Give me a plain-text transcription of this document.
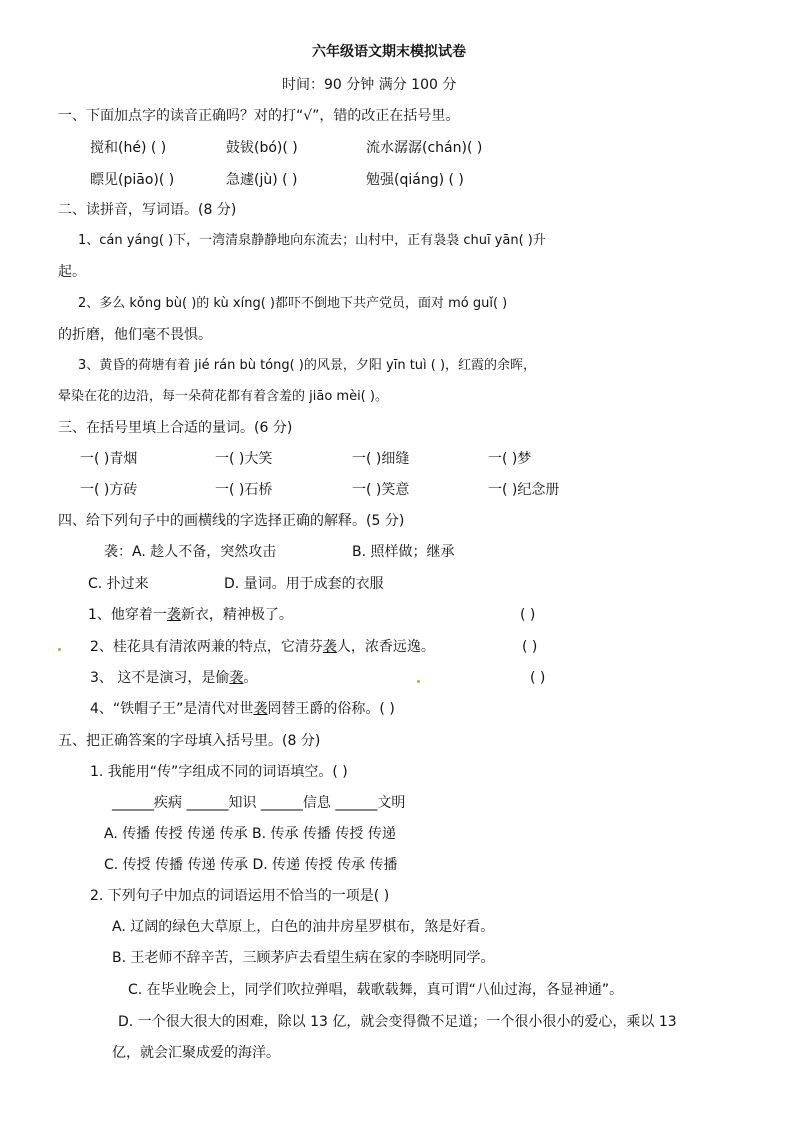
六年级语文期末模拟试卷
时间：90 分钟 满分 100 分
一、下面加点字的读音正确吗？对的打“√”，错的改正在括号里。
搅和(hé) ( )	鼓钹(bó)( )	流水潺潺(chán)( )
瞟见(piāo)( )	急遽(jù) ( )	勉强(qiáng) ( )
二、读拼音，写词语。(8 分)
1、cán yáng( )下，一湾清泉静静地向东流去；山村中，正有袅袅 chuī yān( )升
起。
2、多么 kǒng bù( )的 kù xíng( )都吓不倒地下共产党员，面对 mó guǐ( )
的折磨，他们毫不畏惧。
3、黄昏的荷塘有着 jié rán bù tóng( )的风景，夕阳 yīn tuì ( )，红霞的余晖，
晕染在花的边沿，每一朵荷花都有着含羞的 jiāo mèi( )。
三、在括号里填上合适的量词。(6 分)
一( )青烟	一( )大笑	一( )细缝	一( )梦
一( )方砖	一( )石桥	一( )笑意	一( )纪念册
四、给下列句子中的画横线的字选择正确的解释。(5 分)
袭：A. 趁人不备，突然攻击	B. 照样做；继承
C. 扑过来	D. 量词。用于成套的衣服
1、他穿着一袭新衣，精神极了。	( )
2、桂花具有清浓两兼的特点，它清芬袭人，浓香远逸。	( )
3、 这不是演习，是偷袭。	( )
4、“铁帽子王”是清代对世袭罔替王爵的俗称。( )
五、把正确答案的字母填入括号里。(8 分)
1. 我能用“传”字组成不同的词语填空。( )
______疾病 ______知识 ______信息 ______文明
A. 传播 传授 传递 传承 B. 传承 传播 传授 传递
C. 传授 传播 传递 传承 D. 传递 传授 传承 传播
2. 下列句子中加点的词语运用不恰当的一项是( )
A. 辽阔的绿色大草原上，白色的油井房星罗棋布，煞是好看。
B. 王老师不辞辛苦，三顾茅庐去看望生病在家的李晓明同学。
C. 在毕业晚会上，同学们吹拉弹唱，载歌载舞，真可谓“八仙过海，各显神通”。
D. 一个很大很大的困难，除以 13 亿，就会变得微不足道；一个很小很小的爱心，乘以 13
亿，就会汇聚成爱的海洋。
